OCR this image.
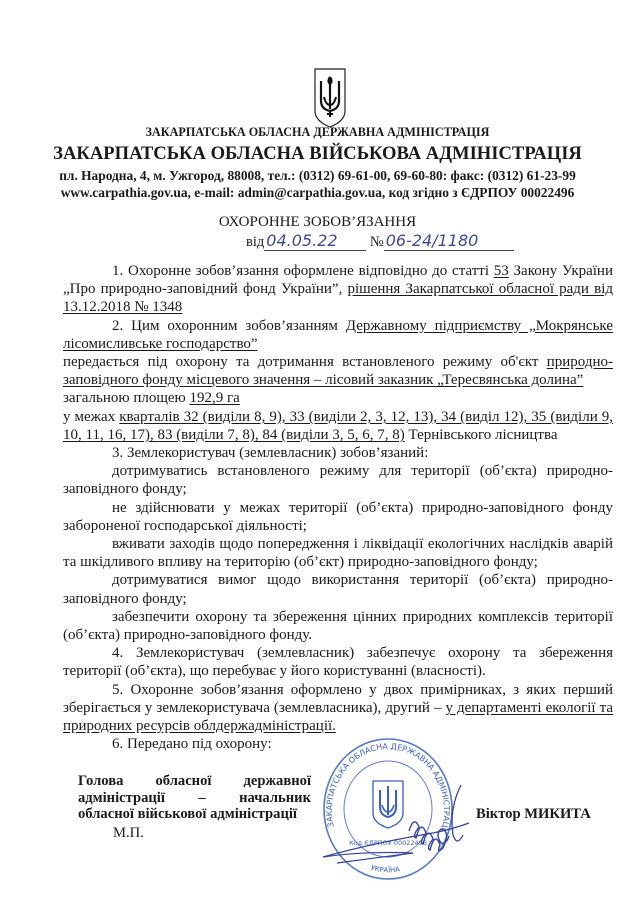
ЗАКАРПАТСЬКА ОБЛАСНА ДЕРЖАВНА АДМІНІСТРАЦІЯ
ЗАКАРПАТСЬКА ОБЛАСНА ВІЙСЬКОВА АДМІНІСТРАЦІЯ
пл. Народна, 4, м. Ужгород, 88008, тел.: (0312) 69-61-00, 69-60-80: факс: (0312) 61-23-99
www.carpathia.gov.ua, e-mail: admin@carpathia.gov.ua, код згідно з ЄДРПОУ 00022496
ОХОРОННЕ ЗОБОВ’ЯЗАННЯ
від 04.05.22 № 06-24/1180

1. Охоронне зобов’язання оформлене відповідно до статті 53 Закону України „Про природно-заповідний фонд України”, рішення Закарпатської обласної ради від 13.12.2018 № 1348

2. Цим охоронним зобов’язанням Державному підприємству „Мокрянське лісомисливське господарство”

передається під охорону та дотримання встановленого режиму об'єкт природно-заповідного фонду місцевого значення – лісовий заказник „Тересвянська долина”

загальною площею 192,9 га

у межах кварталів 32 (виділи 8, 9), 33 (виділи 2, 3, 12, 13), 34 (виділ 12), 35 (виділи 9, 10, 11, 16, 17), 83 (виділи 7, 8), 84 (виділи 3, 5, 6, 7, 8) Тернівського лісництва

3. Землекористувач (землевласник) зобов’язаний:

дотримуватись встановленого режиму для території (об’єкта) природно-заповідного фонду;

не здійснювати у межах території (об’єкта) природно-заповідного фонду забороненої господарської діяльності;

вживати заходів щодо попередження і ліквідації екологічних наслідків аварій та шкідливого впливу на територію (об’єкт) природно-заповідного фонду;

дотримуватися вимог щодо використання території (об’єкта) природно-заповідного фонду;

забезпечити охорону та збереження цінних природних комплексів території (об’єкта) природно-заповідного фонду.

4. Землекористувач (землевласник) забезпечує охорону та збереження території (об’єкта), що перебуває у його користуванні (власності).

5. Охоронне зобов’язання оформлено у двох примірниках, з яких перший зберігається у землекористувача (землевласника), другий – у департаменті екології та природних ресурсів облдержадміністрації.

6. Передано під охорону:

ЗАКАРПАТСЬКА ОБЛАСНА ДЕРЖАВНА АДМІНІСТРАЦІ
Код ЄДРПОУ 00022496
УКРАЇНА
Голова обласної державної
адміністрації – начальник
обласної військової адміністрації
М.П.
Віктор МИКИТА
